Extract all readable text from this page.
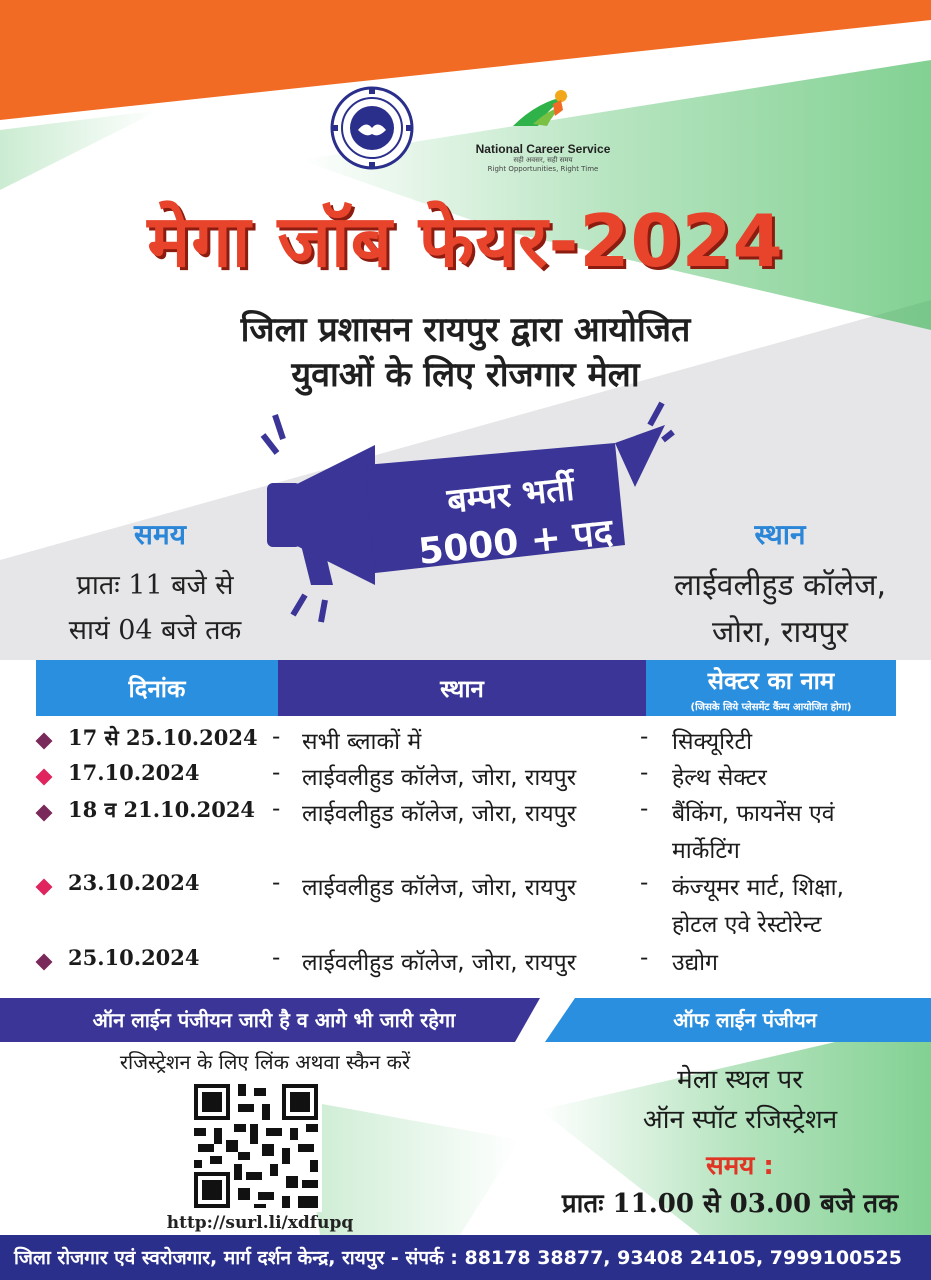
National Career Service
सही अवसर, सही समय
Right Opportunities, Right Time
मेगा जॉब फेयर-2024
जिला प्रशासन रायपुर द्वारा आयोजित
युवाओं के लिए रोजगार मेला
बम्पर भर्ती
5000 + पद
समय
प्रातः 11 बजे से
सायं 04 बजे तक
स्थान
लाईवलीहुड कॉलेज,
जोरा, रायपुर
दिनांक	स्थान	सेक्टर का नाम
(जिसके लिये प्लेसमेंट कैंम्प आयोजित होगा)
17 से 25.10.2024 - सभी ब्लाकों में	- सिक्यूरिटी
17.10.2024	- लाईवलीहुड कॉलेज, जोरा, रायपुर	- हेल्थ सेक्टर
18 व 21.10.2024 - लाईवलीहुड कॉलेज, जोरा, रायपुर	- बैंकिंग, फायनेंस एवं मार्केटिंग
23.10.2024	- लाईवलीहुड कॉलेज, जोरा, रायपुर	- कंज्यूमर मार्ट, शिक्षा, होटल एवे रेस्टोरेन्ट
25.10.2024	- लाईवलीहुड कॉलेज, जोरा, रायपुर	- उद्योग
ऑन लाईन पंजीयन जारी है व आगे भी जारी रहेगा	ऑफ लाईन पंजीयन
रजिस्ट्रेशन के लिए लिंक अथवा स्कैन करें
http://surl.li/xdfupq
मेला स्थल पर
ऑन स्पॉट रजिस्ट्रेशन
समय :
प्रातः 11.00 से 03.00 बजे तक
जिला रोजगार एवं स्वरोजगार, मार्ग दर्शन केन्द्र, रायपुर - संपर्क : 88178 38877, 93408 24105, 7999100525
